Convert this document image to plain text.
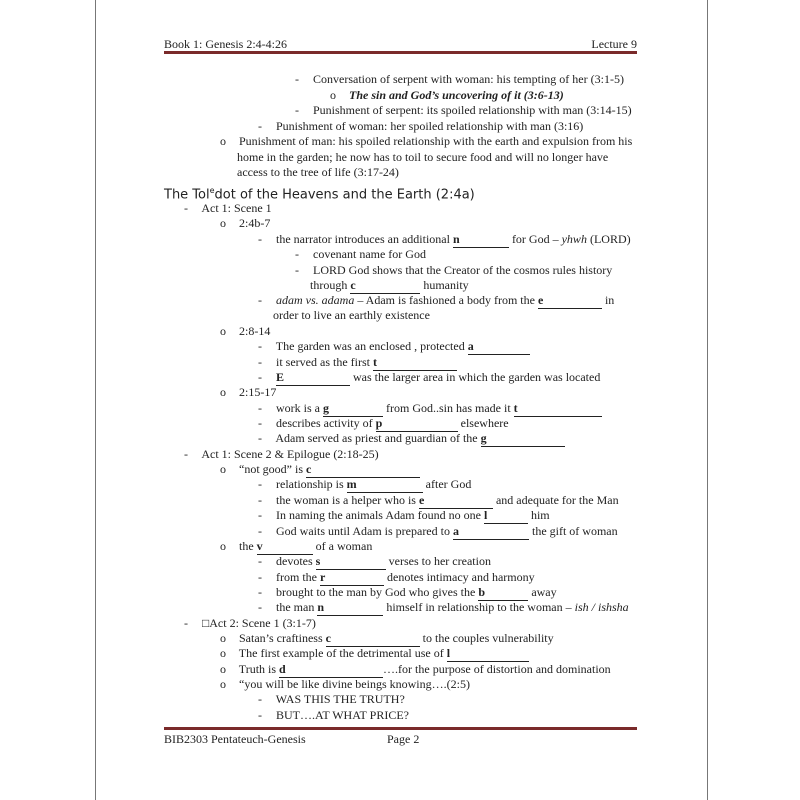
Book 1: Genesis 2:4-4:26	Lecture 9
- Conversation of serpent with woman: his tempting of her (3:1-5)
o The sin and God’s uncovering of it (3:6-13)
- Punishment of serpent: its spoiled relationship with man (3:14-15)
- Punishment of woman: her spoiled relationship with man (3:16)
o Punishment of man: his spoiled relationship with the earth and expulsion from his
home in the garden; he now has to toil to secure food and will no longer have
access to the tree of life (3:17-24)
The Tol$^e$dot of the Heavens and the Earth (2:4a)
- Act 1: Scene 1
o 2:4b-7
- the narrator introduces an additional n	for God – yhwh (LORD)
- covenant name for God
- LORD God shows that the Creator of the cosmos rules history
through c	humanity
- adam vs. adama – Adam is fashioned a body from the e	in
order to live an earthly existence
o 2:8-14
- The garden was an enclosed , protected a
- it served as the first t
- E	was the larger area in which the garden was located
o 2:15-17
- work is a g	from God..sin has made it t
- describes activity of p	elsewhere
- Adam served as priest and guardian of the g
- Act 1: Scene 2 & Epilogue (2:18-25)
o “not good” is c
- relationship is m	after God
- the woman is a helper who is e	and adequate for the Man
- In naming the animals Adam found no one l	him
- God waits until Adam is prepared to a	the gift of woman
o the v	of a woman
- devotes s	verses to her creation
- from the r	denotes intimacy and harmony
- brought to the man by God who gives the b	away
- the man n	himself in relationship to the woman – ish / ishsha
- □Act 2: Scene 1 (3:1-7)
o Satan’s craftiness c	to the couples vulnerability
o The first example of the detrimental use of l
o Truth is d	….for the purpose of distortion and domination
o “you will be like divine beings knowing….(2:5)
- WAS THIS THE TRUTH?
- BUT….AT WHAT PRICE?
BIB2303 Pentateuch-Genesis	Page 2
